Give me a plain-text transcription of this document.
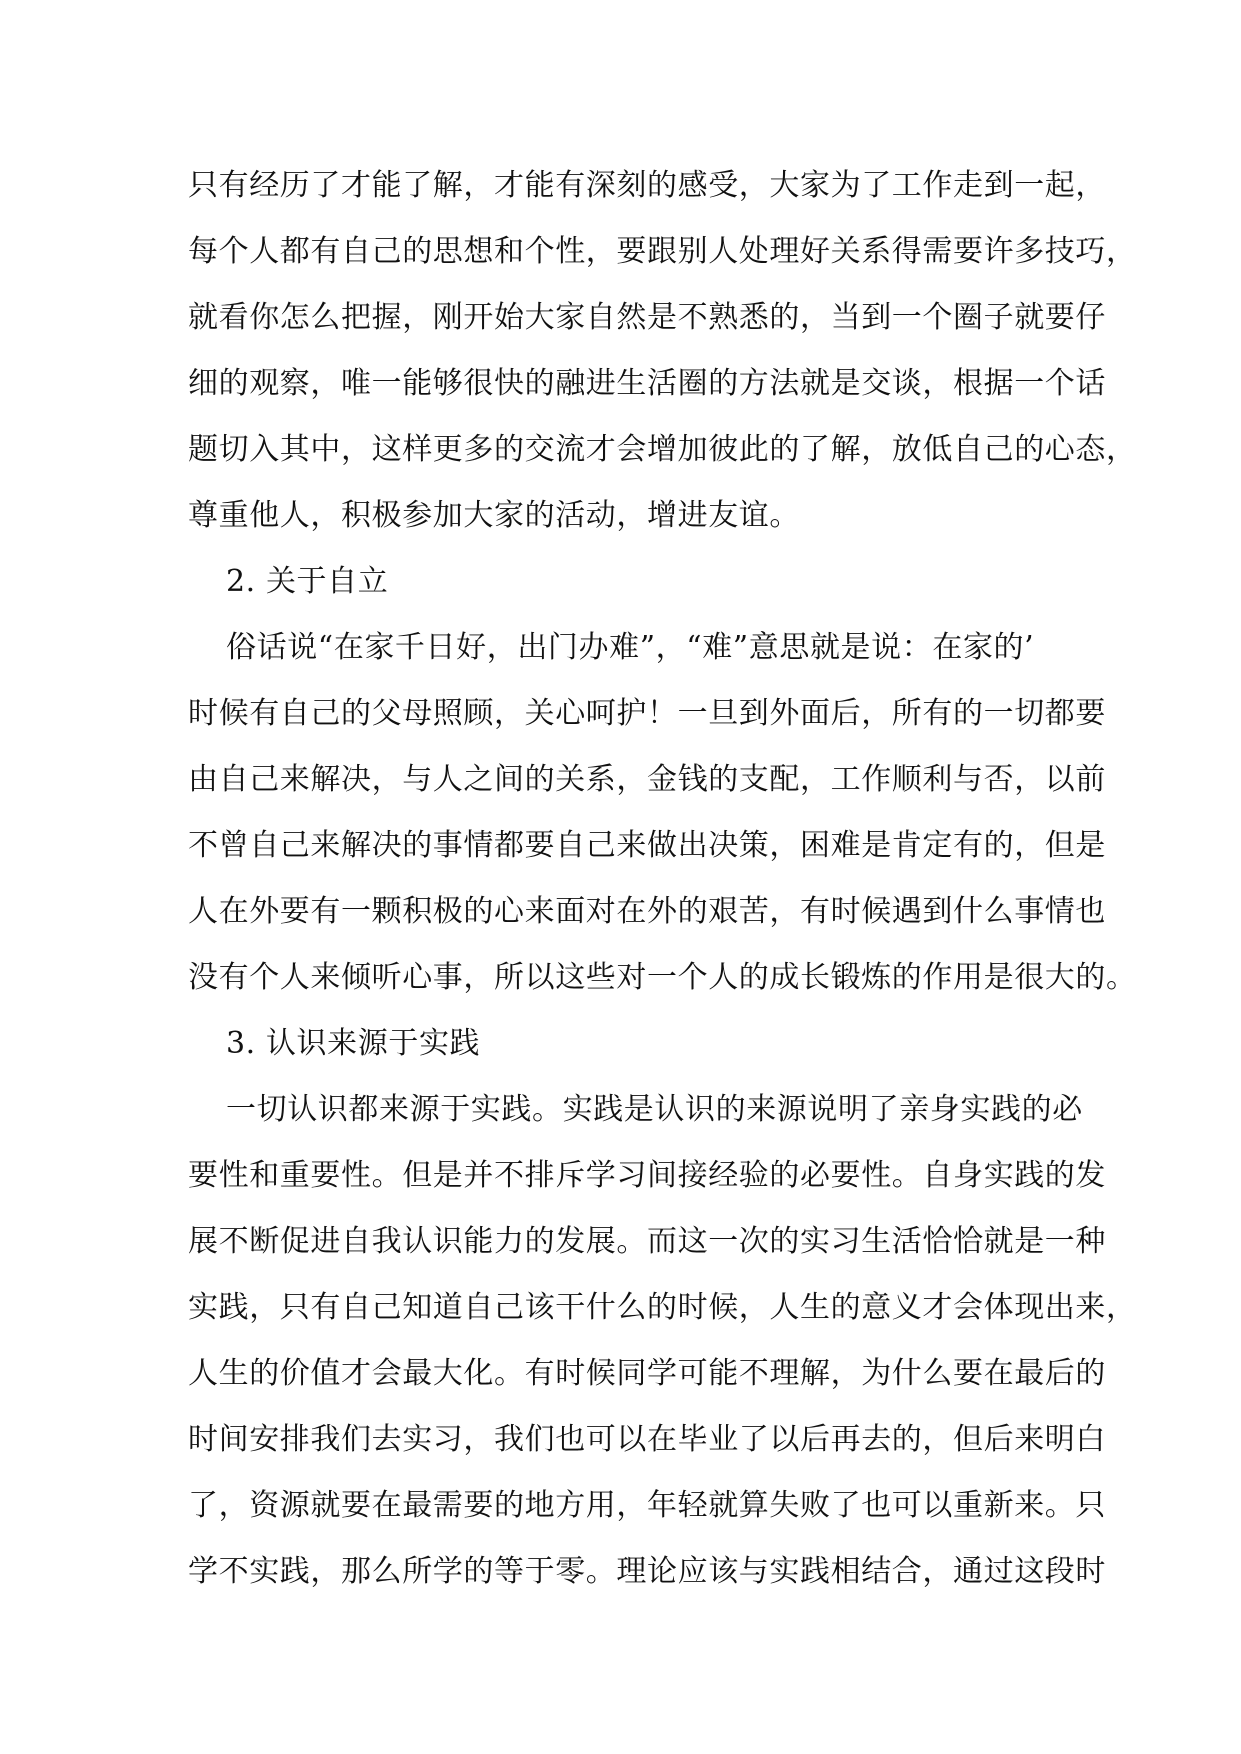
只有经历了才能了解，才能有深刻的感受，大家为了工作走到一起，
每个人都有自己的思想和个性，要跟别人处理好关系得需要许多技巧，
就看你怎么把握，刚开始大家自然是不熟悉的，当到一个圈子就要仔
细的观察，唯一能够很快的融进生活圈的方法就是交谈，根据一个话
题切入其中，这样更多的交流才会增加彼此的了解，放低自己的心态，
尊重他人，积极参加大家的活动，增进友谊。
2. 关于自立
俗话说“在家千日好，出门办难”，“难”意思就是说：在家的’
时候有自己的父母照顾，关心呵护！一旦到外面后，所有的一切都要
由自己来解决，与人之间的关系，金钱的支配，工作顺利与否，以前
不曾自己来解决的事情都要自己来做出决策，困难是肯定有的，但是
人在外要有一颗积极的心来面对在外的艰苦，有时候遇到什么事情也
没有个人来倾听心事，所以这些对一个人的成长锻炼的作用是很大的。
3. 认识来源于实践
一切认识都来源于实践。实践是认识的来源说明了亲身实践的必
要性和重要性。但是并不排斥学习间接经验的必要性。自身实践的发
展不断促进自我认识能力的发展。而这一次的实习生活恰恰就是一种
实践，只有自己知道自己该干什么的时候，人生的意义才会体现出来，
人生的价值才会最大化。有时候同学可能不理解，为什么要在最后的
时间安排我们去实习，我们也可以在毕业了以后再去的，但后来明白
了，资源就要在最需要的地方用，年轻就算失败了也可以重新来。只
学不实践，那么所学的等于零。理论应该与实践相结合，通过这段时
